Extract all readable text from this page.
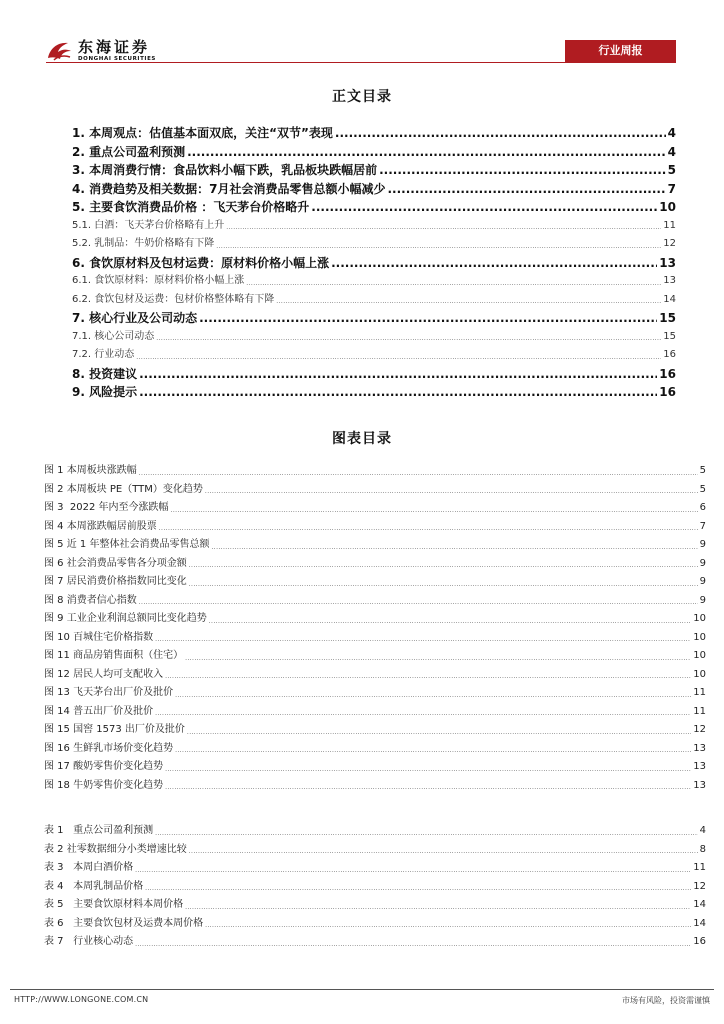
东海证券
DONGHAI SECURITIES
行业周报
正文目录
1. 本周观点：估值基本面双底，关注“双节”表现 .....	4
2. 重点公司盈利预测 .....	4
3. 本周消费行情：食品饮料小幅下跌，乳品板块跌幅居前 .....	5
4. 消费趋势及相关数据：7月社会消费品零售总额小幅减少 .....	7
5. 主要食饮消费品价格 ：飞天茅台价格略升 .....	10
5.1. 白酒：飞天茅台价格略有上升 .....	11
5.2. 乳制品：牛奶价格略有下降 .....	12
6. 食饮原材料及包材运费：原材料价格小幅上涨 .....	13
6.1. 食饮原材料：原材料价格小幅上涨 .....	13
6.2. 食饮包材及运费：包材价格整体略有下降 .....	14
7. 核心行业及公司动态 .....	15
7.1. 核心公司动态 .....	15
7.2. 行业动态 .....	16
8. 投资建议 .....	16
9. 风险提示 .....	16
图表目录
图 1 本周板块涨跌幅 .....	5
图 2 本周板块 PE（TTM）变化趋势 .....	5
图 3  2022 年内至今涨跌幅 .....	6
图 4 本周涨跌幅居前股票 .....	7
图 5 近 1 年整体社会消费品零售总额 .....	9
图 6 社会消费品零售各分项金额 .....	9
图 7 居民消费价格指数同比变化 .....	9
图 8 消费者信心指数 .....	9
图 9 工业企业利润总额同比变化趋势 .....	10
图 10 百城住宅价格指数 .....	10
图 11 商品房销售面积（住宅） .....	10
图 12 居民人均可支配收入 .....	10
图 13 飞天茅台出厂价及批价 .....	11
图 14 普五出厂价及批价 .....	11
图 15 国窖 1573 出厂价及批价 .....	12
图 16 生鲜乳市场价变化趋势 .....	13
图 17 酸奶零售价变化趋势 .....	13
图 18 牛奶零售价变化趋势 .....	13
表 1   重点公司盈利预测 .....	4
表 2 社零数据细分小类增速比较 .....	8
表 3   本周白酒价格 .....	11
表 4   本周乳制品价格 .....	12
表 5   主要食饮原材料本周价格 .....	14
表 6   主要食饮包材及运费本周价格 .....	14
表 7   行业核心动态 .....	16
HTTP://WWW.LONGONE.COM.CN	市场有风险，投资需谨慎
